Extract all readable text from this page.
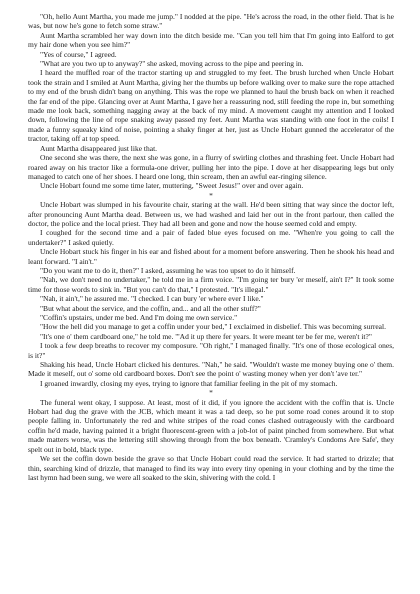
"Oh, hello Aunt Martha, you made me jump." I nodded at the pipe. "He's across the road, in the other field. That is he was, but now he's gone to fetch some straw."

Aunt Martha scrambled her way down into the ditch beside me. "Can you tell him that I'm going into Ealford to get my hair done when you see him?"

"Yes of course," I agreed.

"What are you two up to anyway?" she asked, moving across to the pipe and peering in.

I heard the muffled roar of the tractor starting up and struggled to my feet. The brush lurched when Uncle Hobart took the strain and I smiled at Aunt Martha, giving her the thumbs up before walking over to make sure the rope attached to my end of the brush didn't bang on anything. This was the rope we planned to haul the brush back on when it reached the far end of the pipe. Glancing over at Aunt Martha, I gave her a reassuring nod, still feeding the rope in, but something made me look back, something nagging away at the back of my mind. A movement caught my attention and I looked down, following the line of rope snaking away passed my feet. Aunt Martha was standing with one foot in the coils! I made a funny squeaky kind of noise, pointing a shaky finger at her, just as Uncle Hobart gunned the accelerator of the tractor, taking off at top speed.

Aunt Martha disappeared just like that.

One second she was there, the next she was gone, in a flurry of swirling clothes and thrashing feet. Uncle Hobart had roared away on his tractor like a formula-one driver, pulling her into the pipe. I dove at her disappearing legs but only managed to catch one of her shoes. I heard one long, thin scream, then an awful ear-ringing silence.

Uncle Hobart found me some time later, muttering, "Sweet Jesus!" over and over again.

*

Uncle Hobart was slumped in his favourite chair, staring at the wall. He'd been sitting that way since the doctor left, after pronouncing Aunt Martha dead. Between us, we had washed and laid her out in the front parlour, then called the doctor, the police and the local priest. They had all been and gone and now the house seemed cold and empty.

I coughed for the second time and a pair of faded blue eyes focused on me. "When're you going to call the undertaker?" I asked quietly.

Uncle Hobart stuck his finger in his ear and fished about for a moment before answering. Then he shook his head and leant forward. "I ain't."

"Do you want me to do it, then?" I asked, assuming he was too upset to do it himself.

"Nah, we don't need no undertaker," he told me in a firm voice. "I'm going ter bury 'er meself, ain't I?" It took some time for those words to sink in. "But you can't do that," I protested. "It's illegal."

"Nah, it ain't," he assured me. "I checked. I can bury 'er where ever I like."

"But what about the service, and the coffin, and... and all the other stuff?"

"Coffin's upstairs, under me bed. And I'm doing me own service."

"How the hell did you manage to get a coffin under your bed," I exclaimed in disbelief. This was becoming surreal.

"It's one o' them cardboard one," he told me. "'Ad it up there fer years. It were meant ter be fer me, weren't it?"

I took a few deep breaths to recover my composure. "Oh right," I managed finally. "It's one of those ecological ones, is it?"

Shaking his head, Uncle Hobart clicked his dentures. "Nah," he said. "Wouldn't waste me money buying one o' them. Made it meself, out o' some old cardboard boxes. Don't see the point o' wasting money when yer don't 'ave ter."

I groaned inwardly, closing my eyes, trying to ignore that familiar feeling in the pit of my stomach.

*

The funeral went okay, I suppose. At least, most of it did, if you ignore the accident with the coffin that is. Uncle Hobart had dug the grave with the JCB, which meant it was a tad deep, so he put some road cones around it to stop people falling in. Unfortunately the red and white stripes of the road cones clashed outrageously with the cardboard coffin he'd made, having painted it a bright fluorescent-green with a job-lot of paint pinched from somewhere. But what made matters worse, was the lettering still showing through from the box beneath. 'Cramley's Condoms Are Safe', they spelt out in bold, black type.

We set the coffin down beside the grave so that Uncle Hobart could read the service. It had started to drizzle; that thin, searching kind of drizzle, that managed to find its way into every tiny opening in your clothing and by the time the last hymn had been sung, we were all soaked to the skin, shivering with the cold. I
